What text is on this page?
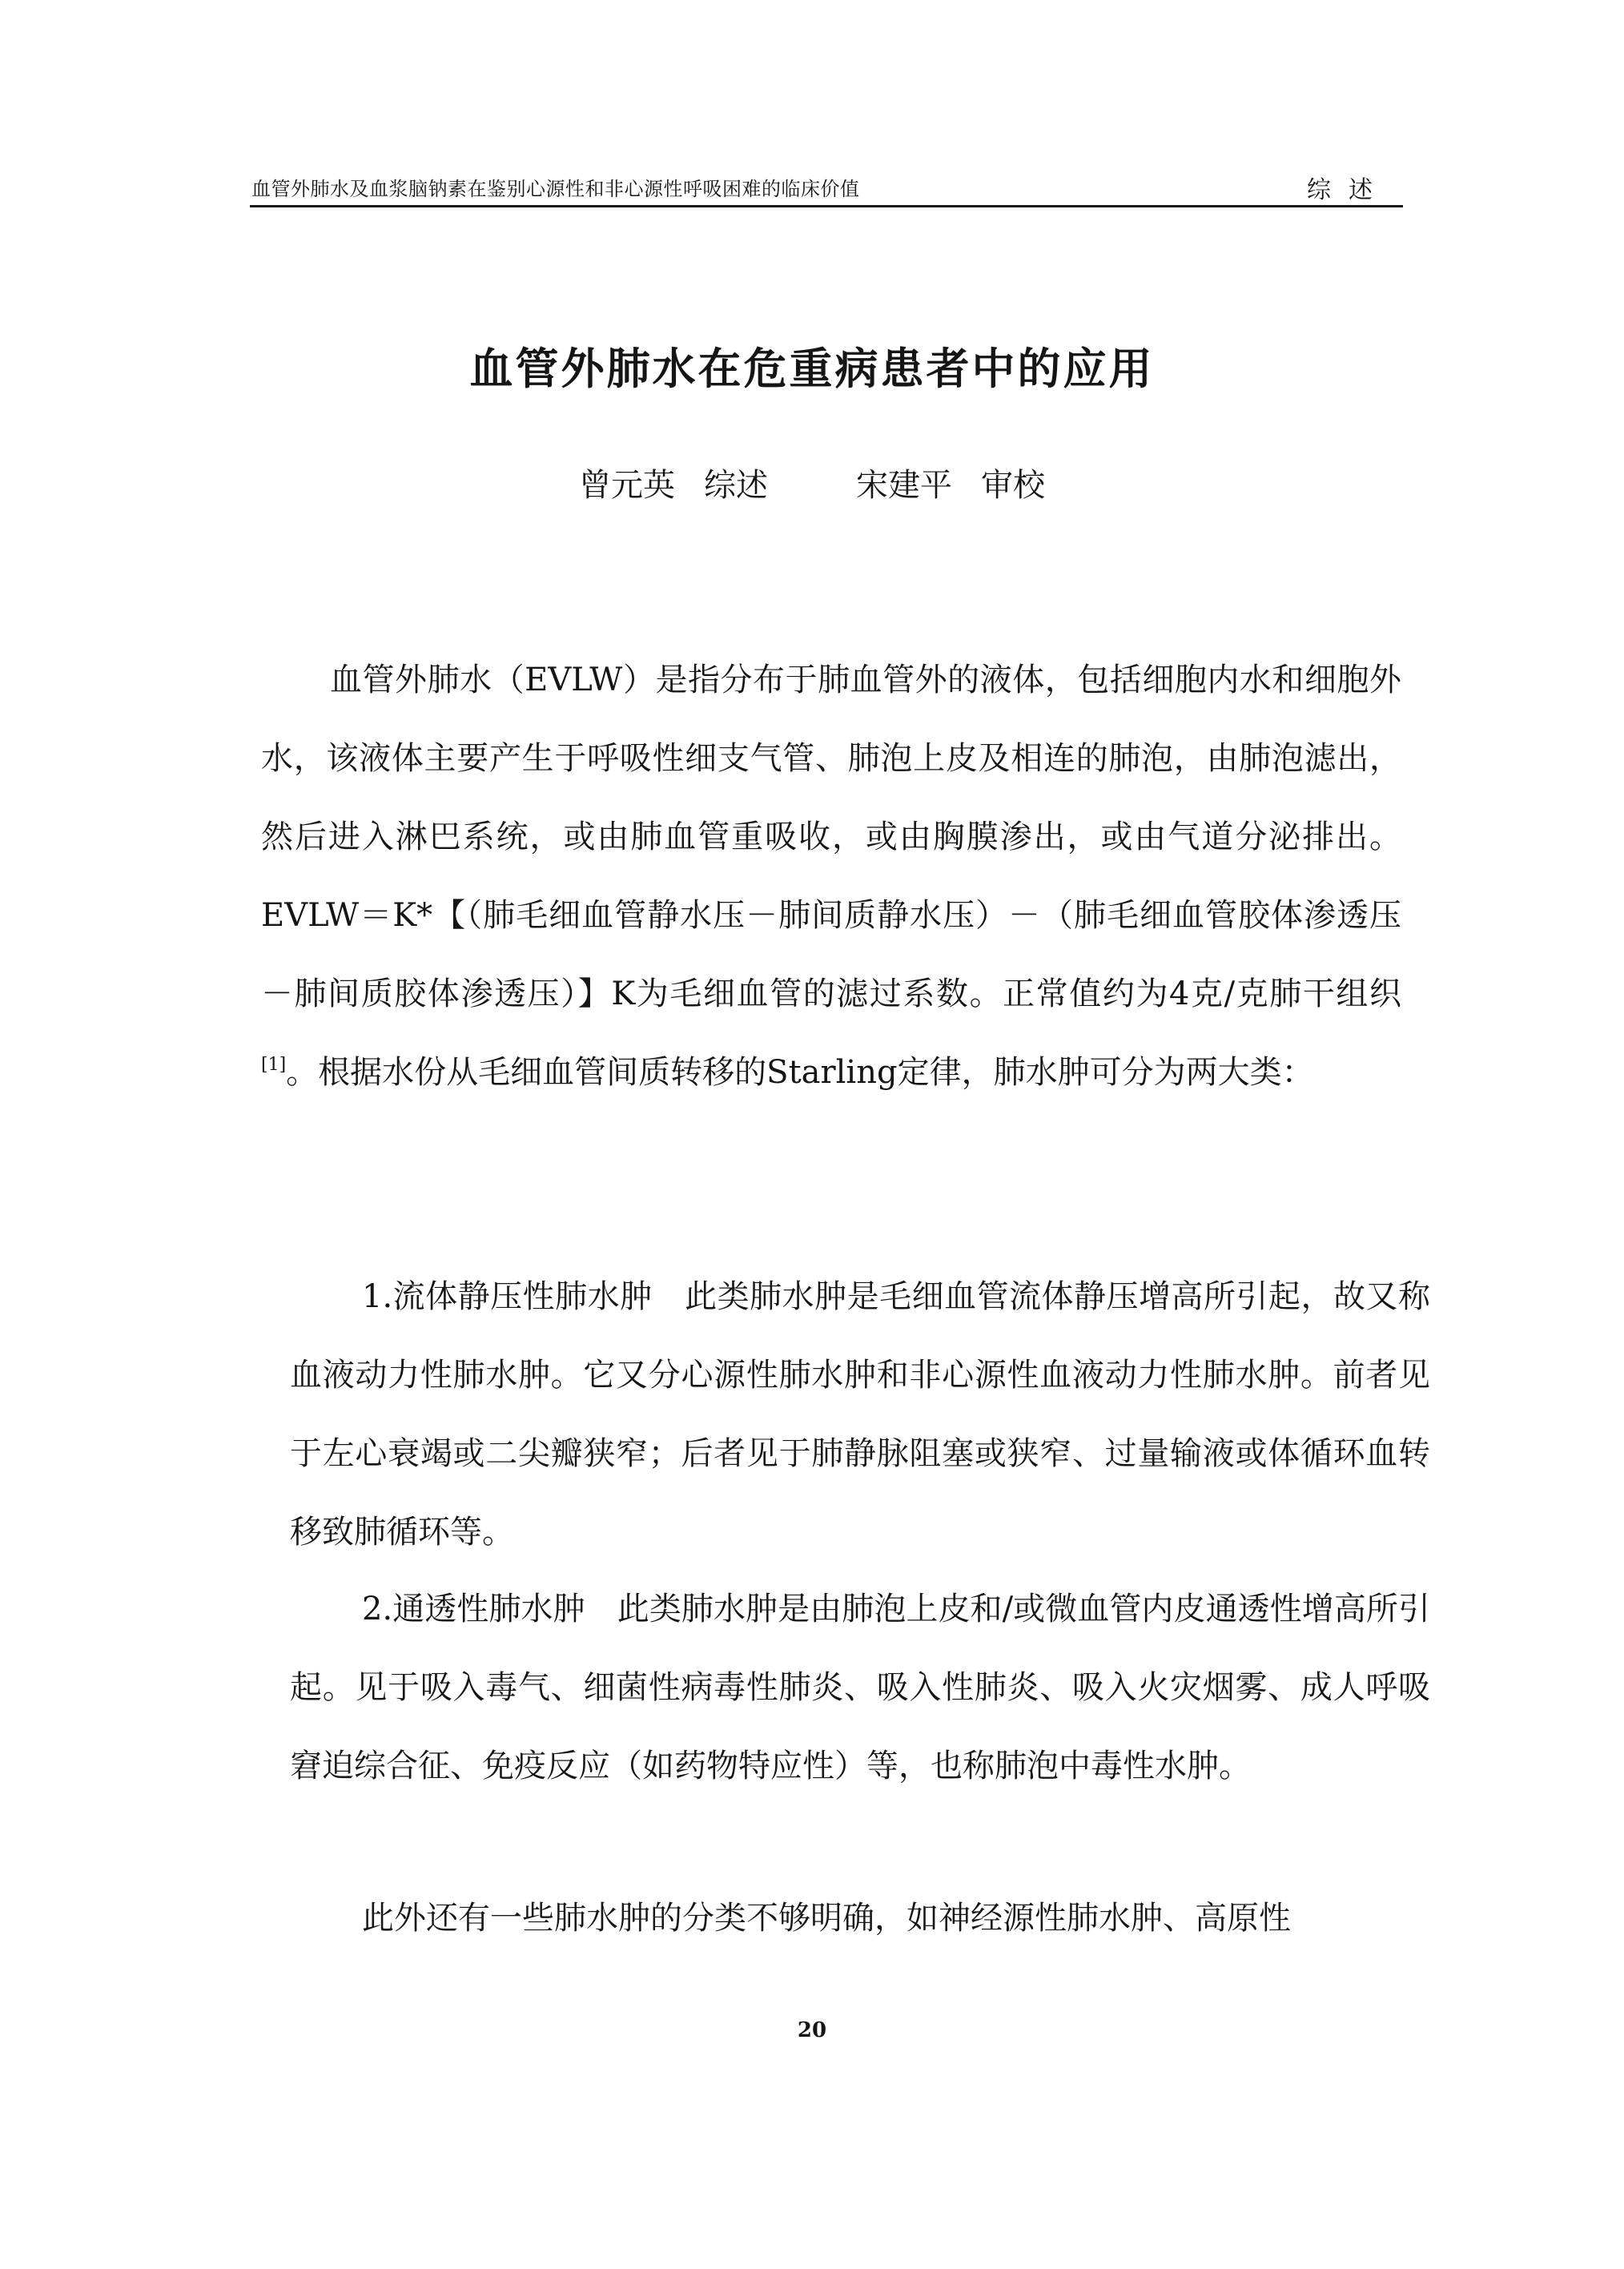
血管外肺水及血浆脑钠素在鉴别心源性和非心源性呼吸困难的临床价值	综述
血管外肺水在危重病患者中的应用
曾元英 综述	宋建平 审校

血管外肺水（EVLW）是指分布于肺血管外的液体，包括细胞内水和细胞外水，该液体主要产生于呼吸性细支气管、肺泡上皮及相连的肺泡，由肺泡滤出，然后进入淋巴系统，或由肺血管重吸收，或由胸膜渗出，或由气道分泌排出。EVLW＝K*【（肺毛细血管静水压－肺间质静水压）－（肺毛细血管胶体渗透压－肺间质胶体渗透压）】K为毛细血管的滤过系数。正常值约为4克/克肺干组织[1]。根据水份从毛细血管间质转移的Starling定律，肺水肿可分为两大类：

1.流体静压性肺水肿　 此类肺水肿是毛细血管流体静压增高所引起，故又称血液动力性肺水肿。它又分心源性肺水肿和非心源性血液动力性肺水肿。前者见于左心衰竭或二尖瓣狭窄；后者见于肺静脉阻塞或狭窄、过量输液或体循环血转移致肺循环等。

2.通透性肺水肿　 此类肺水肿是由肺泡上皮和/或微血管内皮通透性增高所引起。见于吸入毒气、细菌性病毒性肺炎、吸入性肺炎、吸入火灾烟雾、成人呼吸窘迫综合征、免疫反应（如药物特应性）等，也称肺泡中毒性水肿。

此外还有一些肺水肿的分类不够明确，如神经源性肺水肿、高原性

20
